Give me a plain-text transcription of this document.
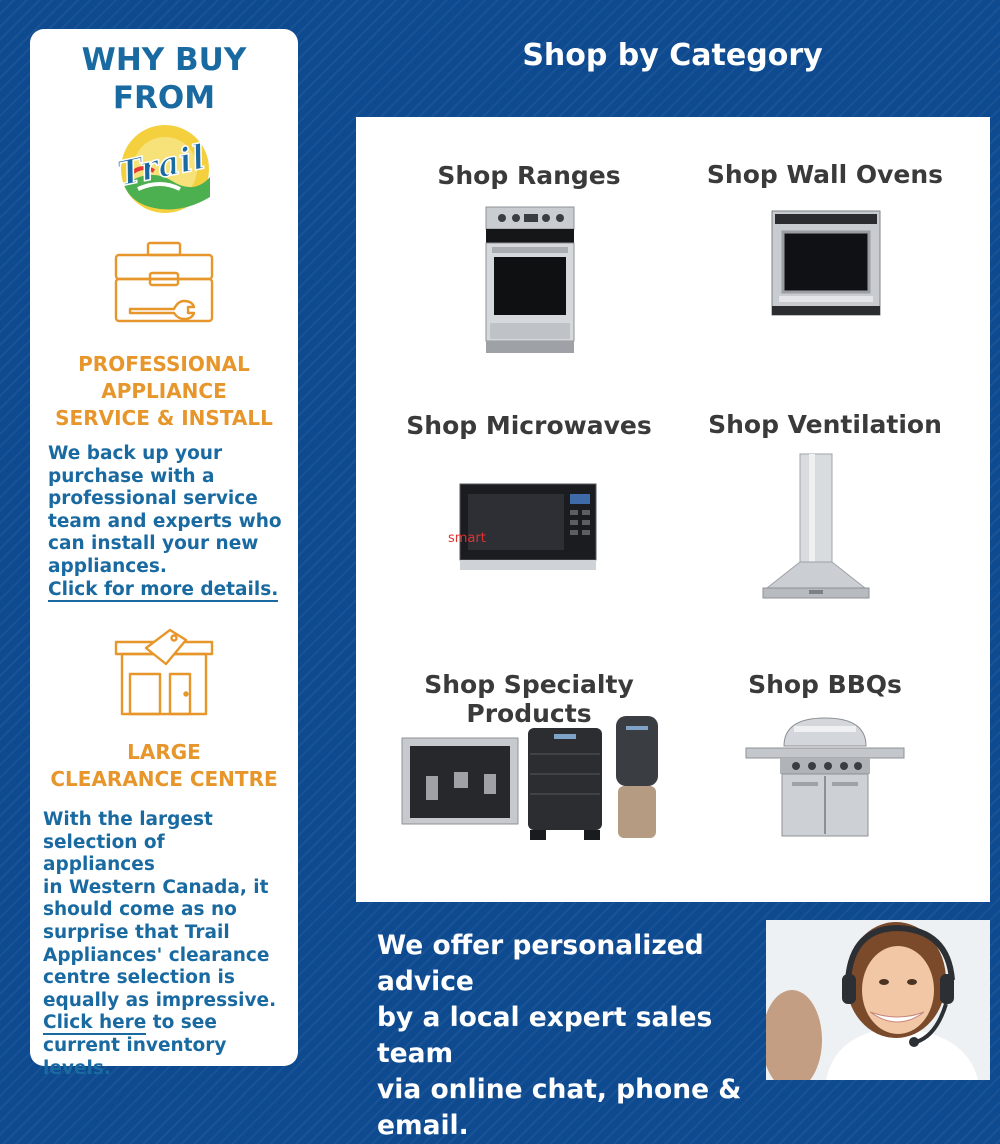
WHY BUY
FROM
Trail
PROFESSIONAL
APPLIANCE
SERVICE & INSTALL
We back up your
purchase with a
professional service
team and experts who
can install your new
appliances.
Click for more details.
LARGE
CLEARANCE CENTRE
With the largest
selection of appliances
in Western Canada, it
should come as no
surprise that Trail
Appliances' clearance
centre selection is
equally as impressive.
Click here to see
current inventory
levels.
Shop by Category
Shop Ranges	Shop Wall Ovens
Shop Microwaves
smart
Shop Ventilation
Shop Specialty Products
Shop BBQs
We offer personalized advice
by a local expert sales team
via online chat, phone &
email.
